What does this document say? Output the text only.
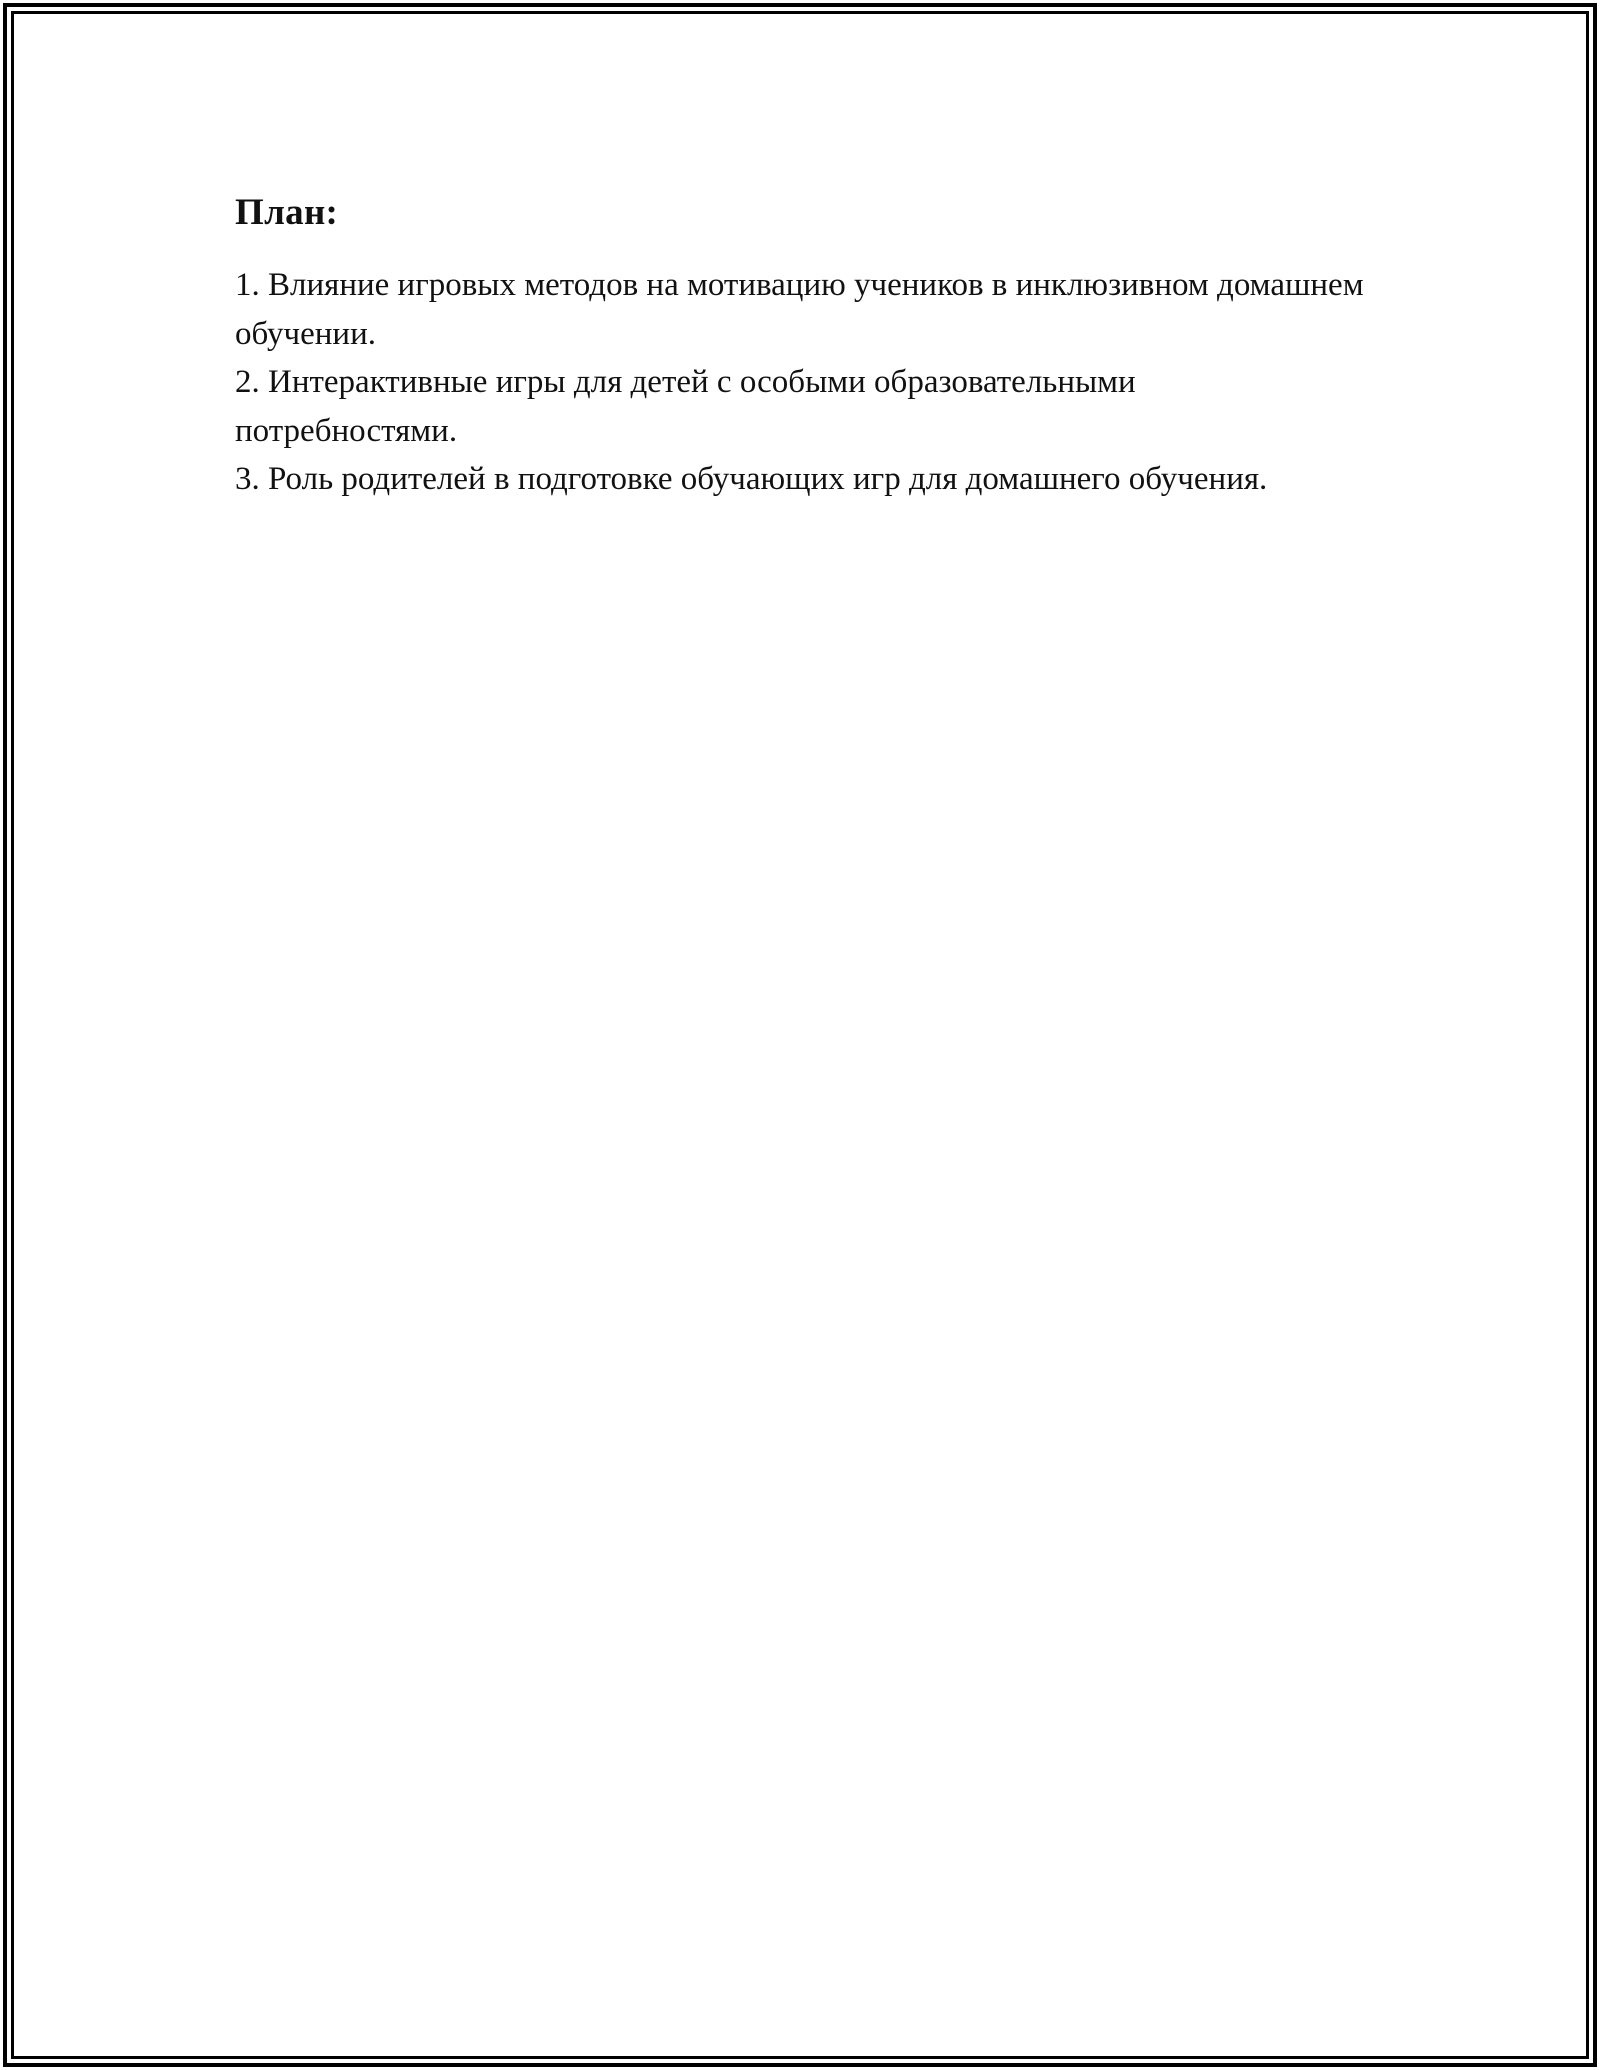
План:
1. Влияние игровых методов на мотивацию учеников в инклюзивном домашнем обучении.
2. Интерактивные игры для детей с особыми образовательными потребностями.
3. Роль родителей в подготовке обучающих игр для домашнего обучения.
